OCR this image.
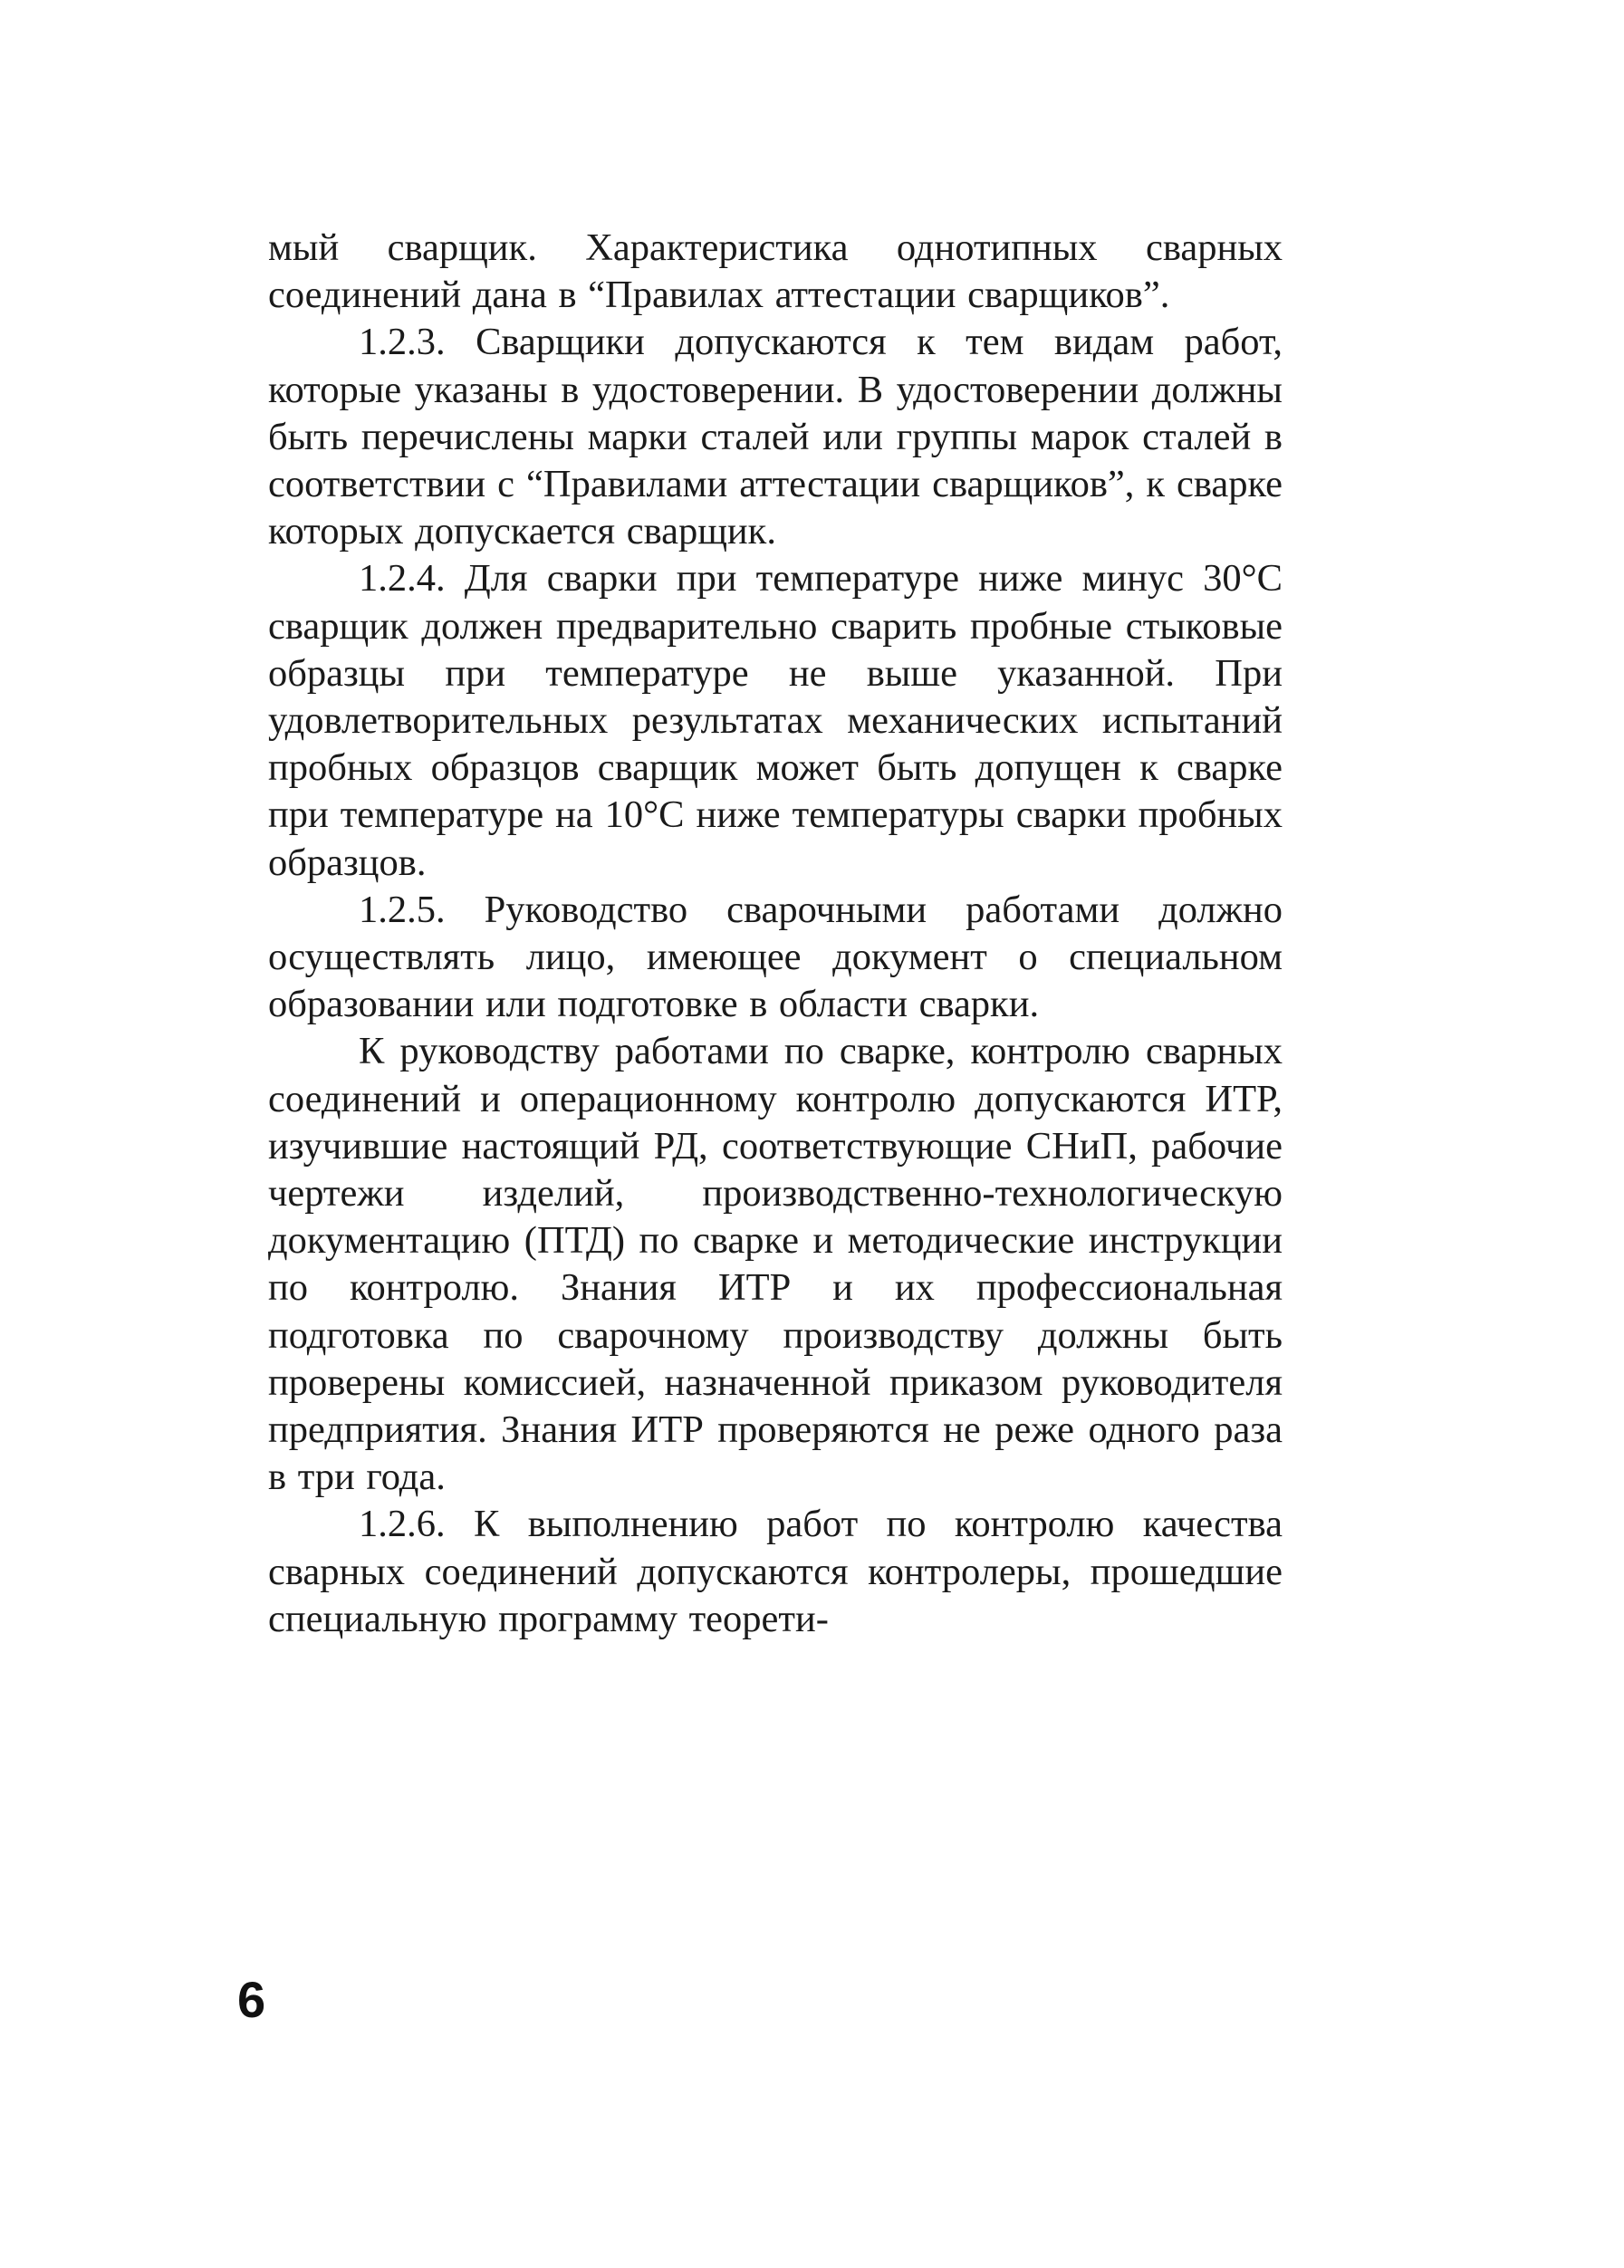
мый сварщик. Характеристика однотипных сварных соединений дана в “Правилах аттестации сварщиков”.

1.2.3. Сварщики допускаются к тем видам работ, которые указаны в удостоверении. В удостоверении должны быть перечислены марки сталей или группы марок сталей в соответствии с “Правилами аттестации сварщиков”, к сварке которых допускается сварщик.

1.2.4. Для сварки при температуре ниже минус 30°С сварщик должен предварительно сварить пробные стыковые образцы при температуре не выше указанной. При удовлетворительных результатах механических испытаний пробных образцов сварщик может быть допущен к сварке при температуре на 10°С ниже температуры сварки пробных образцов.

1.2.5. Руководство сварочными работами должно осуществлять лицо, имеющее документ о специальном образовании или подготовке в области сварки.

К руководству работами по сварке, контролю сварных соединений и операционному контролю допускаются ИТР, изучившие настоящий РД, соответствующие СНиП, рабочие чертежи изделий, производственно-технологическую документацию (ПТД) по сварке и методические инструкции по контролю. Знания ИТР и их профессиональная подготовка по сварочному производству должны быть проверены комиссией, назначенной приказом руководителя предприятия. Знания ИТР проверяются не реже одного раза в три года.

1.2.6. К выполнению работ по контролю качества сварных соединений допускаются контролеры, прошедшие специальную программу теорети-

6
